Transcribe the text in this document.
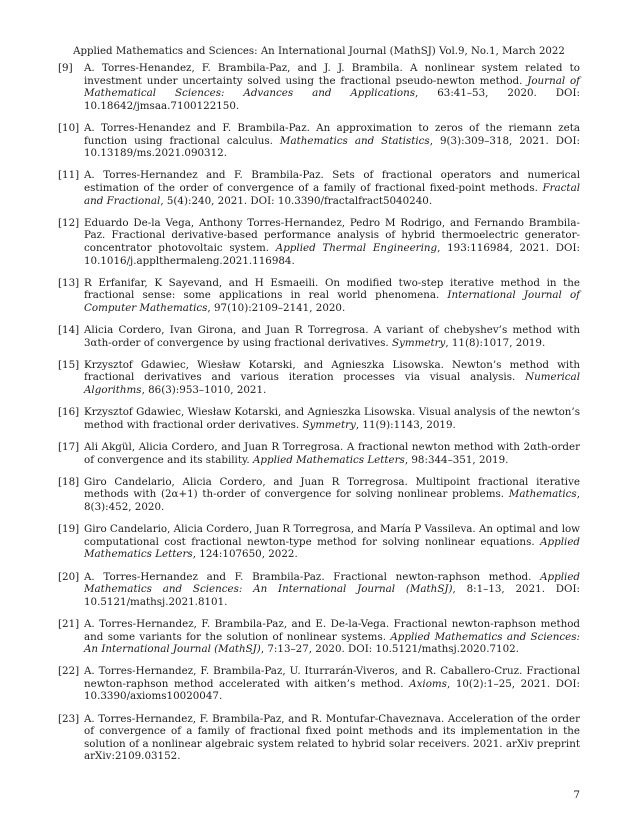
Applied Mathematics and Sciences: An International Journal (MathSJ) Vol.9, No.1, March 2022
[ 9 ]	A. Torres-Henandez, F. Brambila-Paz, and J. J. Brambila. A nonlinear system related to investment under uncertainty solved using the fractional pseudo-newton method. Journal of Mathematical Sciences: Advances and Applications, 63:41–53, 2020. DOI: 10.18642/jmsaa.7100122150.
[ 10 ] A. Torres-Henandez and F. Brambila-Paz. An approximation to zeros of the riemann zeta function using fractional calculus. Mathematics and Statistics, 9(3):309–318, 2021. DOI: 10.13189/ms.2021.090312.
[ 11 ] A. Torres-Hernandez and F. Brambila-Paz. Sets of fractional operators and numerical estimation of the order of convergence of a family of fractional fixed-point methods. Fractal and Fractional, 5(4):240, 2021. DOI: 10.3390/fractalfract5040240.
[ 12 ] Eduardo De-la Vega, Anthony Torres-Hernandez, Pedro M Rodrigo, and Fernando Brambila-Paz. Fractional derivative-based performance analysis of hybrid thermoelectric generator-concentrator photovoltaic system. Applied Thermal Engineering, 193:116984, 2021. DOI: 10.1016/j.applthermaleng.2021.116984.
[ 13 ] R Erfanifar, K Sayevand, and H Esmaeili. On modified two-step iterative method in the fractional sense: some applications in real world phenomena. International Journal of Computer Mathematics, 97(10):2109–2141, 2020.
[ 14 ] Alicia Cordero, Ivan Girona, and Juan R Torregrosa. A variant of chebyshev’s method with 3αth-order of convergence by using fractional derivatives. Symmetry, 11(8):1017, 2019.
[ 15 ] Krzysztof Gdawiec, Wiesław Kotarski, and Agnieszka Lisowska. Newton’s method with fractional derivatives and various iteration processes via visual analysis. Numerical Algorithms, 86(3):953–1010, 2021.
[ 16 ] Krzysztof Gdawiec, Wiesław Kotarski, and Agnieszka Lisowska. Visual analysis of the newton’s method with fractional order derivatives. Symmetry, 11(9):1143, 2019.
[ 17 ] Ali Akgül, Alicia Cordero, and Juan R Torregrosa. A fractional newton method with 2αth-order of convergence and its stability. Applied Mathematics Letters, 98:344–351, 2019.
[ 18 ] Giro Candelario, Alicia Cordero, and Juan R Torregrosa. Multipoint fractional iterative methods with (2α+1) th-order of convergence for solving nonlinear problems. Mathematics, 8(3):452, 2020.
[ 19 ] Giro Candelario, Alicia Cordero, Juan R Torregrosa, and María P Vassileva. An optimal and low computational cost fractional newton-type method for solving nonlinear equations. Applied Mathematics Letters, 124:107650, 2022.
[ 20 ] A. Torres-Hernandez and F. Brambila-Paz. Fractional newton-raphson method. Applied Mathematics and Sciences: An International Journal (MathSJ), 8:1–13, 2021. DOI: 10.5121/mathsj.2021.8101.
[ 21 ] A. Torres-Hernandez, F. Brambila-Paz, and E. De-la-Vega. Fractional newton-raphson method and some variants for the solution of nonlinear systems. Applied Mathematics and Sciences: An International Journal (MathSJ), 7:13–27, 2020. DOI: 10.5121/mathsj.2020.7102.
[ 22 ] A. Torres-Hernandez, F. Brambila-Paz, U. Iturrarán-Viveros, and R. Caballero-Cruz. Fractional newton-raphson method accelerated with aitken’s method. Axioms, 10(2):1–25, 2021. DOI: 10.3390/axioms10020047.
[ 23 ] A. Torres-Hernandez, F. Brambila-Paz, and R. Montufar-Chaveznava. Acceleration of the order of convergence of a family of fractional fixed point methods and its implementation in the solution of a nonlinear algebraic system related to hybrid solar receivers. 2021. arXiv preprint arXiv:2109.03152.
7
